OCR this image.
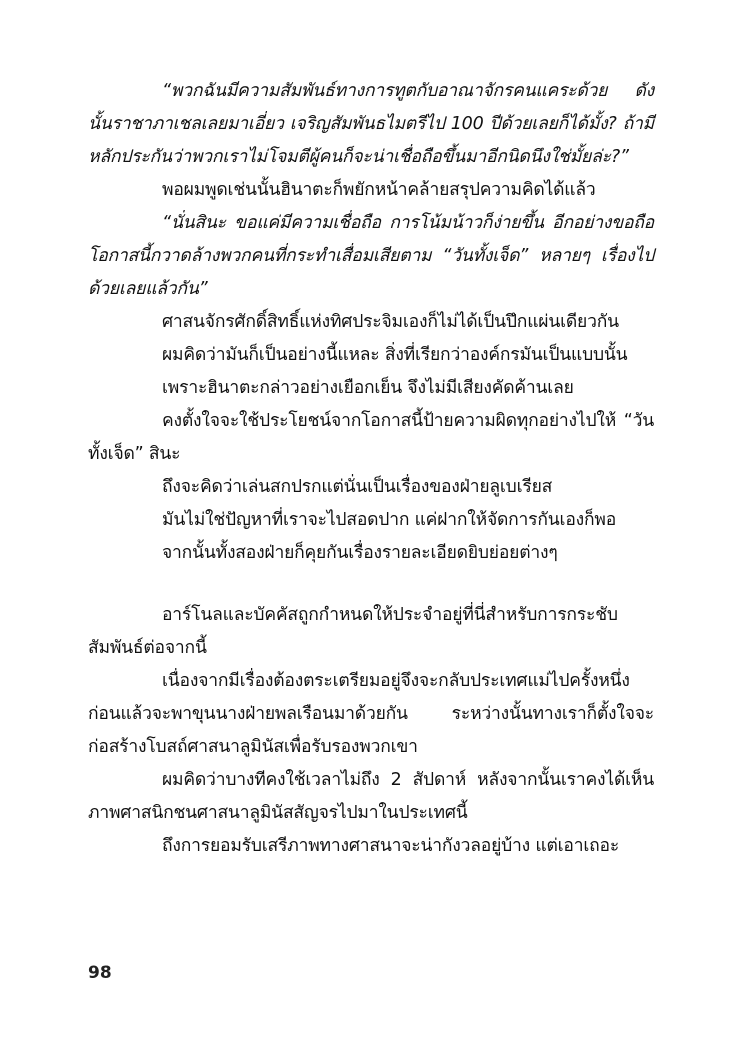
“พวกฉันมีความสัมพันธ์ทางการทูตกับอาณาจักรคนแคระด้วย ดังนั้นราชาภาเชลเลยมาเอี่ยว เจริญสัมพันธไมตรีไป 100 ปีด้วยเลยก็ได้มั้ง? ถ้ามีหลักประกันว่าพวกเราไม่โจมตีผู้คนก็จะน่าเชื่อถือขึ้นมาอีกนิดนึงใช่มั้ยล่ะ?”

พอผมพูดเช่นนั้นฮินาตะก็พยักหน้าคล้ายสรุปความคิดได้แล้ว

“นั่นสินะ ขอแค่มีความเชื่อถือ การโน้มน้าวก็ง่ายขึ้น อีกอย่างขอถือโอกาสนี้กวาดล้างพวกคนที่กระทำเสื่อมเสียตาม “วันทั้งเจ็ด” หลายๆ เรื่องไปด้วยเลยแล้วกัน”

ศาสนจักรศักดิ์สิทธิ์แห่งทิศประจิมเองก็ไม่ได้เป็นปึกแผ่นเดียวกัน

ผมคิดว่ามันก็เป็นอย่างนี้แหละ สิ่งที่เรียกว่าองค์กรมันเป็นแบบนั้น

เพราะฮินาตะกล่าวอย่างเยือกเย็น จึงไม่มีเสียงคัดค้านเลย

คงตั้งใจจะใช้ประโยชน์จากโอกาสนี้ป้ายความผิดทุกอย่างไปให้ “วันทั้งเจ็ด” สินะ

ถึงจะคิดว่าเล่นสกปรกแต่นั่นเป็นเรื่องของฝ่ายลูเบเรียส

มันไม่ใช่ปัญหาที่เราจะไปสอดปาก แค่ฝากให้จัดการกันเองก็พอ

จากนั้นทั้งสองฝ่ายก็คุยกันเรื่องรายละเอียดยิบย่อยต่างๆ

อาร์โนลและบัคคัสถูกกำหนดให้ประจำอยู่ที่นี่สำหรับการกระชับสัมพันธ์ต่อจากนี้

เนื่องจากมีเรื่องต้องตระเตรียมอยู่จึงจะกลับประเทศแม่ไปครั้งหนึ่งก่อนแล้วจะพาขุนนางฝ่ายพลเรือนมาด้วยกัน ระหว่างนั้นทางเราก็ตั้งใจจะก่อสร้างโบสถ์ศาสนาลูมินัสเพื่อรับรองพวกเขา

ผมคิดว่าบางทีคงใช้เวลาไม่ถึง 2 สัปดาห์ หลังจากนั้นเราคงได้เห็นภาพศาสนิกชนศาสนาลูมินัสสัญจรไปมาในประเทศนี้

ถึงการยอมรับเสรีภาพทางศาสนาจะน่ากังวลอยู่บ้าง แต่เอาเถอะ

98
